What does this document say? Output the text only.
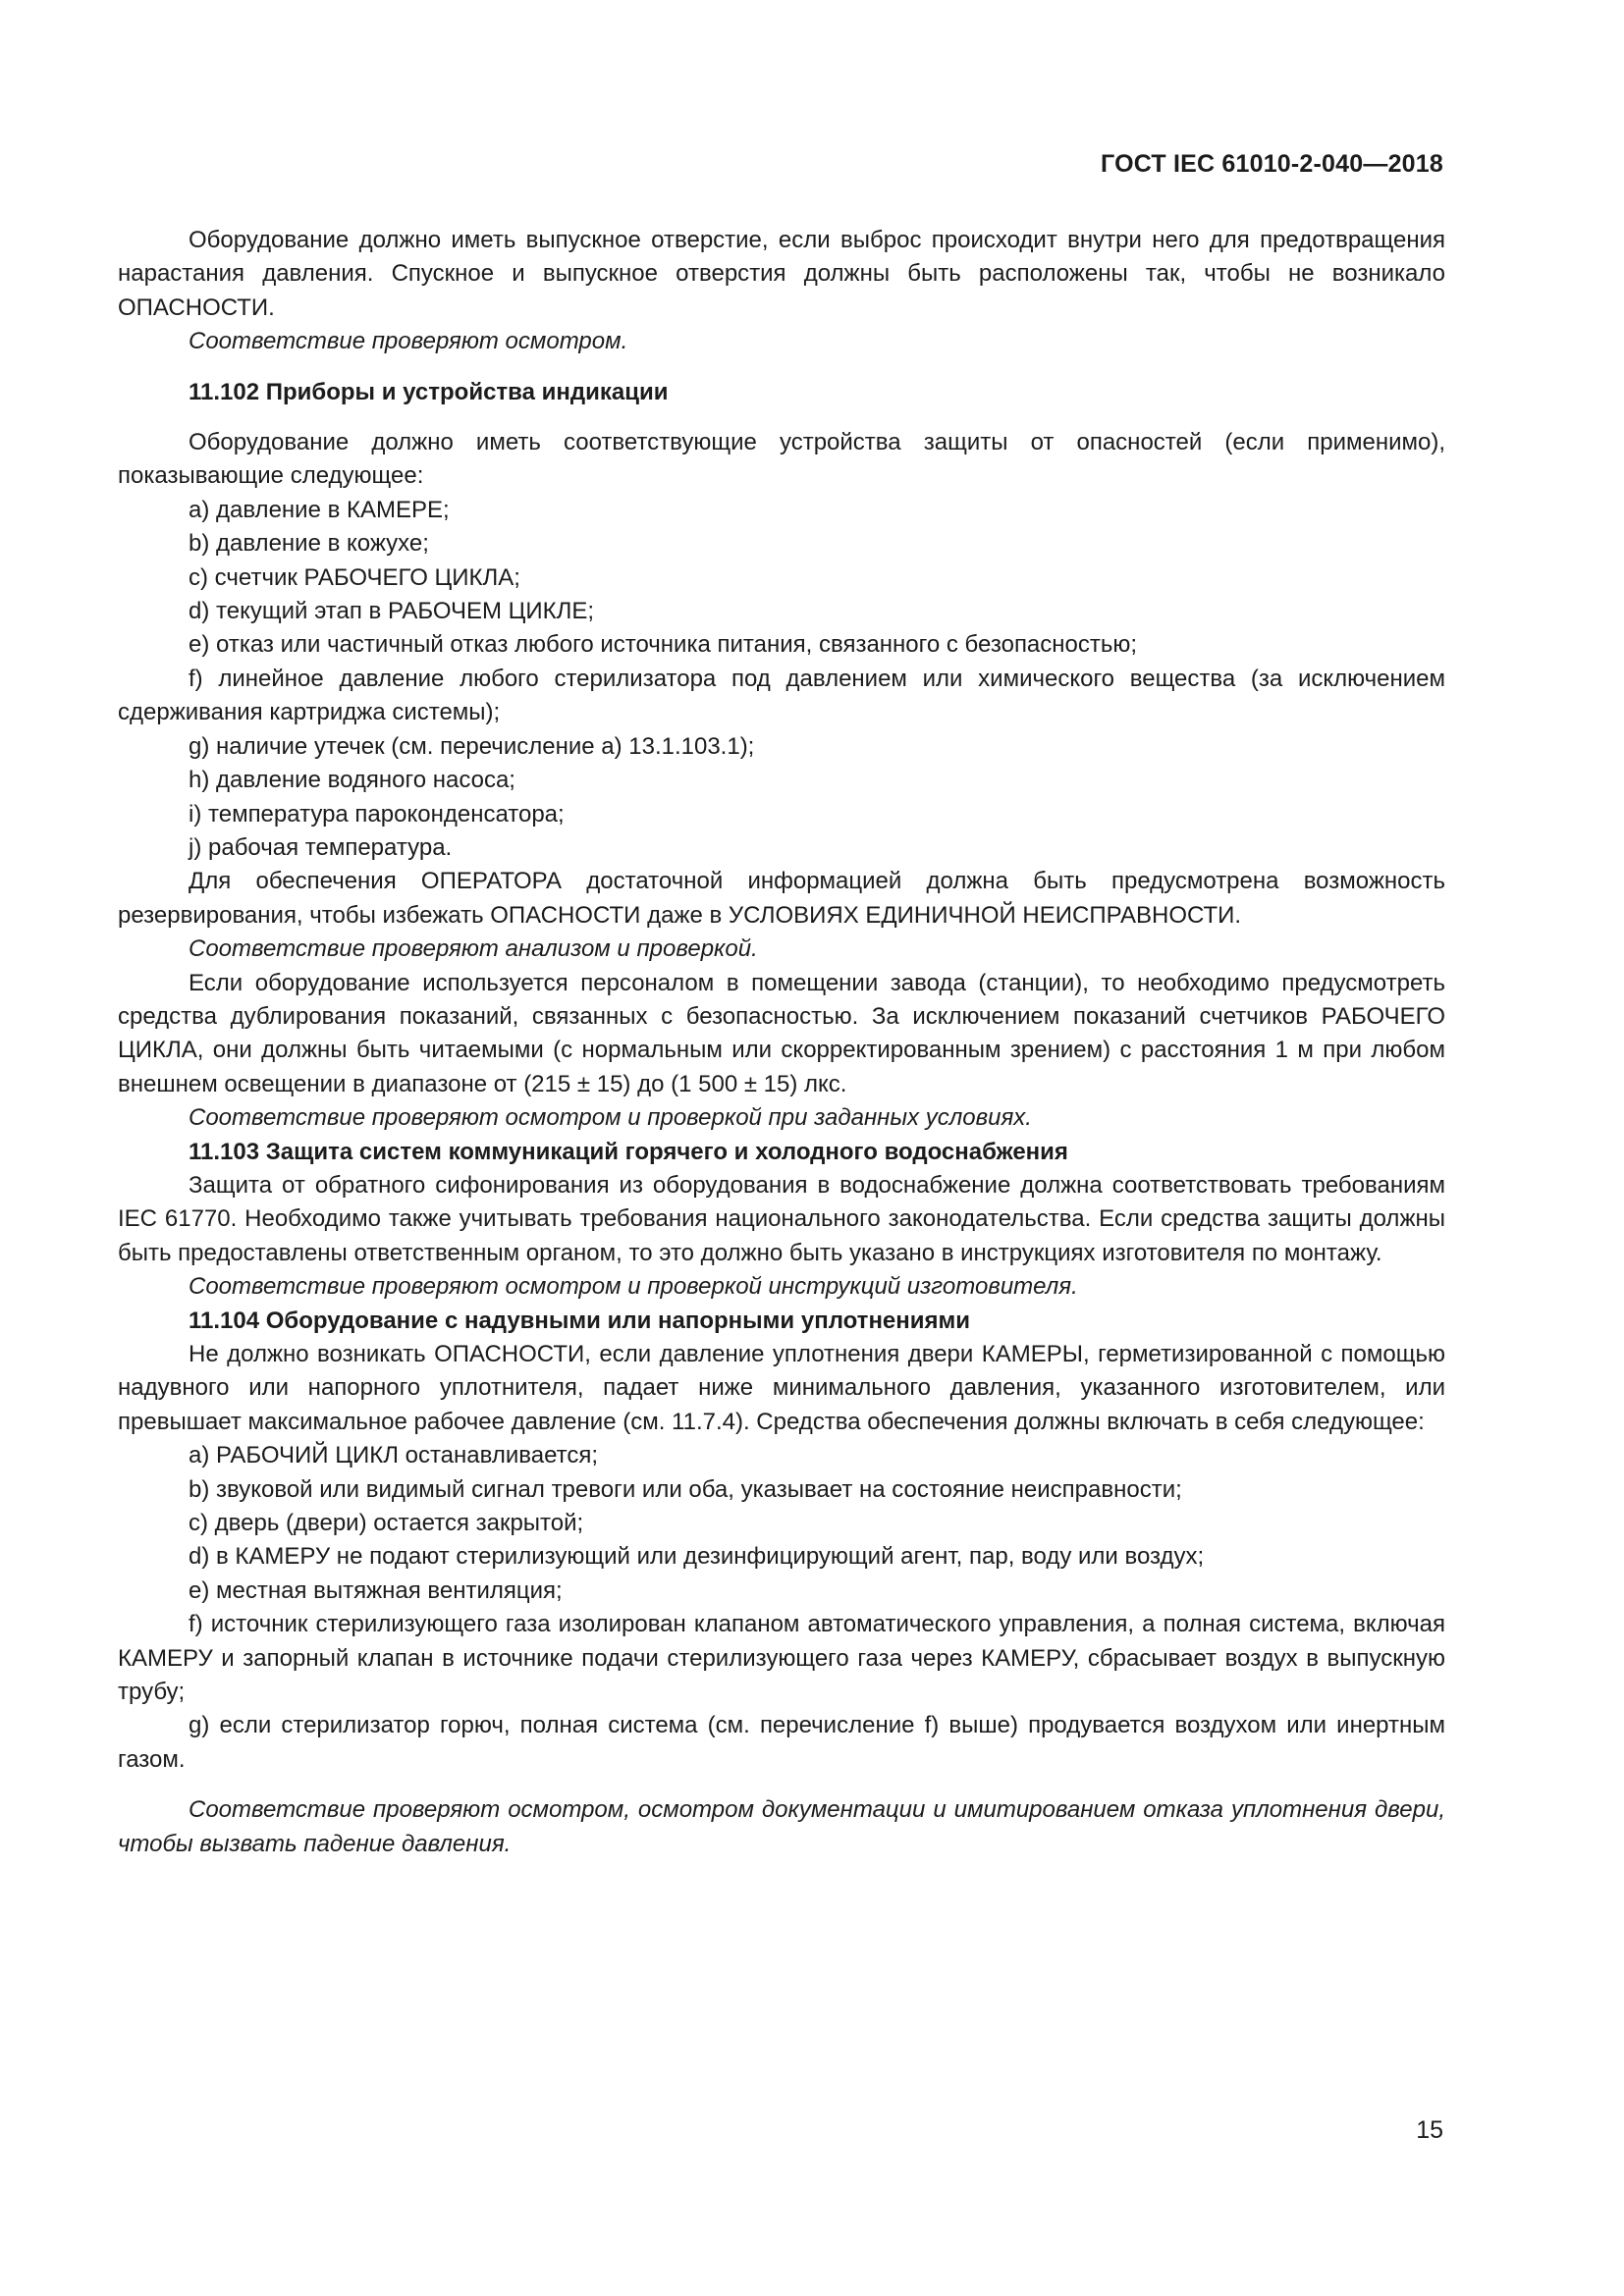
ГОСТ IEC 61010-2-040—2018

Оборудование должно иметь выпускное отверстие, если выброс происходит внутри него для предотвращения нарастания давления. Спускное и выпускное отверстия должны быть расположены так, чтобы не возникало ОПАСНОСТИ.

Соответствие проверяют осмотром.

11.102 Приборы и устройства индикации

Оборудование должно иметь соответствующие устройства защиты от опасностей (если применимо), показывающие следующее:

a) давление в КАМЕРЕ;

b) давление в кожухе;

c) счетчик РАБОЧЕГО ЦИКЛА;

d) текущий этап в РАБОЧЕМ ЦИКЛЕ;

e) отказ или частичный отказ любого источника питания, связанного с безопасностью;

f) линейное давление любого стерилизатора под давлением или химического вещества (за исключением сдерживания картриджа системы);

g) наличие утечек (см. перечисление a) 13.1.103.1);

h) давление водяного насоса;

i) температура пароконденсатора;

j) рабочая температура.

Для обеспечения ОПЕРАТОРА достаточной информацией должна быть предусмотрена возможность резервирования, чтобы избежать ОПАСНОСТИ даже в УСЛОВИЯХ ЕДИНИЧНОЙ НЕИСПРАВНОСТИ.

Соответствие проверяют анализом и проверкой.

Если оборудование используется персоналом в помещении завода (станции), то необходимо предусмотреть средства дублирования показаний, связанных с безопасностью. За исключением показаний счетчиков РАБОЧЕГО ЦИКЛА, они должны быть читаемыми (с нормальным или скорректированным зрением) с расстояния 1 м при любом внешнем освещении в диапазоне от (215 ± 15) до (1 500 ± 15) лкс.

Соответствие проверяют осмотром и проверкой при заданных условиях.

11.103 Защита систем коммуникаций горячего и холодного водоснабжения

Защита от обратного сифонирования из оборудования в водоснабжение должна соответствовать требованиям IEC 61770. Необходимо также учитывать требования национального законодательства. Если средства защиты должны быть предоставлены ответственным органом, то это должно быть указано в инструкциях изготовителя по монтажу.

Соответствие проверяют осмотром и проверкой инструкций изготовителя.

11.104 Оборудование с надувными или напорными уплотнениями

Не должно возникать ОПАСНОСТИ, если давление уплотнения двери КАМЕРЫ, герметизированной с помощью надувного или напорного уплотнителя, падает ниже минимального давления, указанного изготовителем, или превышает максимальное рабочее давление (см. 11.7.4). Средства обеспечения должны включать в себя следующее:

a) РАБОЧИЙ ЦИКЛ останавливается;

b) звуковой или видимый сигнал тревоги или оба, указывает на состояние неисправности;

c) дверь (двери) остается закрытой;

d) в КАМЕРУ не подают стерилизующий или дезинфицирующий агент, пар, воду или воздух;

e) местная вытяжная вентиляция;

f) источник стерилизующего газа изолирован клапаном автоматического управления, а полная система, включая КАМЕРУ и запорный клапан в источнике подачи стерилизующего газа через КАМЕРУ, сбрасывает воздух в выпускную трубу;

g) если стерилизатор горюч, полная система (см. перечисление f) выше) продувается воздухом или инертным газом.

Соответствие проверяют осмотром, осмотром документации и имитированием отказа уплотнения двери, чтобы вызвать падение давления.

15
